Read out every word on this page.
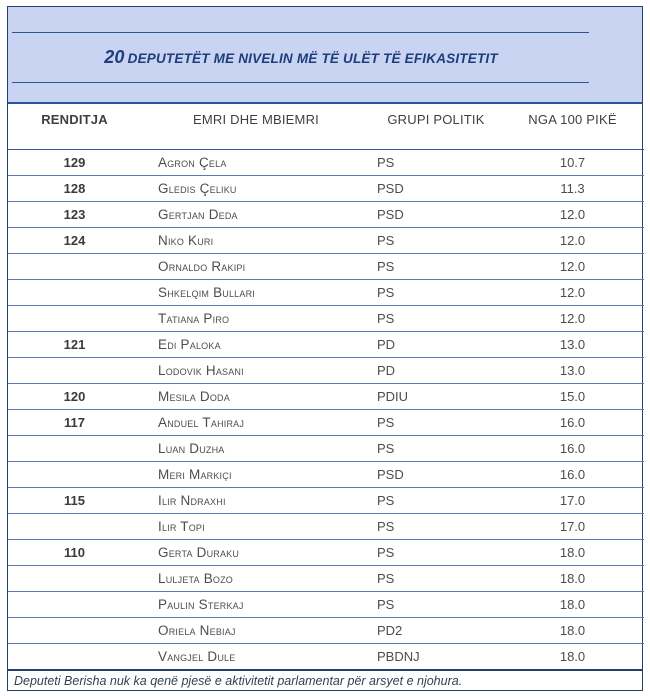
20 DEPUTETËT ME NIVELIN MË TË ULËT TË EFIKASITETIT
RENDITJA	EMRI DHE MBIEMRI	GRUPI POLITIK	NGA 100 PIKË
129	Agron Çela	PS	10.7
128	Gledis Çeliku	PSD	11.3
123	Gertjan Deda	PSD	12.0
124	Niko Kuri	PS	12.0
	Ornaldo Rakipi	PS	12.0
	Shkelqim Bullari	PS	12.0
	Tatiana Piro	PS	12.0
121	Edi Paloka	PD	13.0
	Lodovik Hasani	PD	13.0
120	Mesila Doda	PDIU	15.0
117	Anduel Tahiraj	PS	16.0
	Luan Duzha	PS	16.0
	Meri Markiçi	PSD	16.0
115	Ilir Ndraxhi	PS	17.0
	Ilir Topi	PS	17.0
110	Gerta Duraku	PS	18.0
	Luljeta Bozo	PS	18.0
	Paulin Sterkaj	PS	18.0
	Oriela Nebiaj	PD2	18.0
	Vangjel Dule	PBDNJ	18.0
Deputeti Berisha nuk ka qenë pjesë e aktivitetit parlamentar për arsyet e njohura.
